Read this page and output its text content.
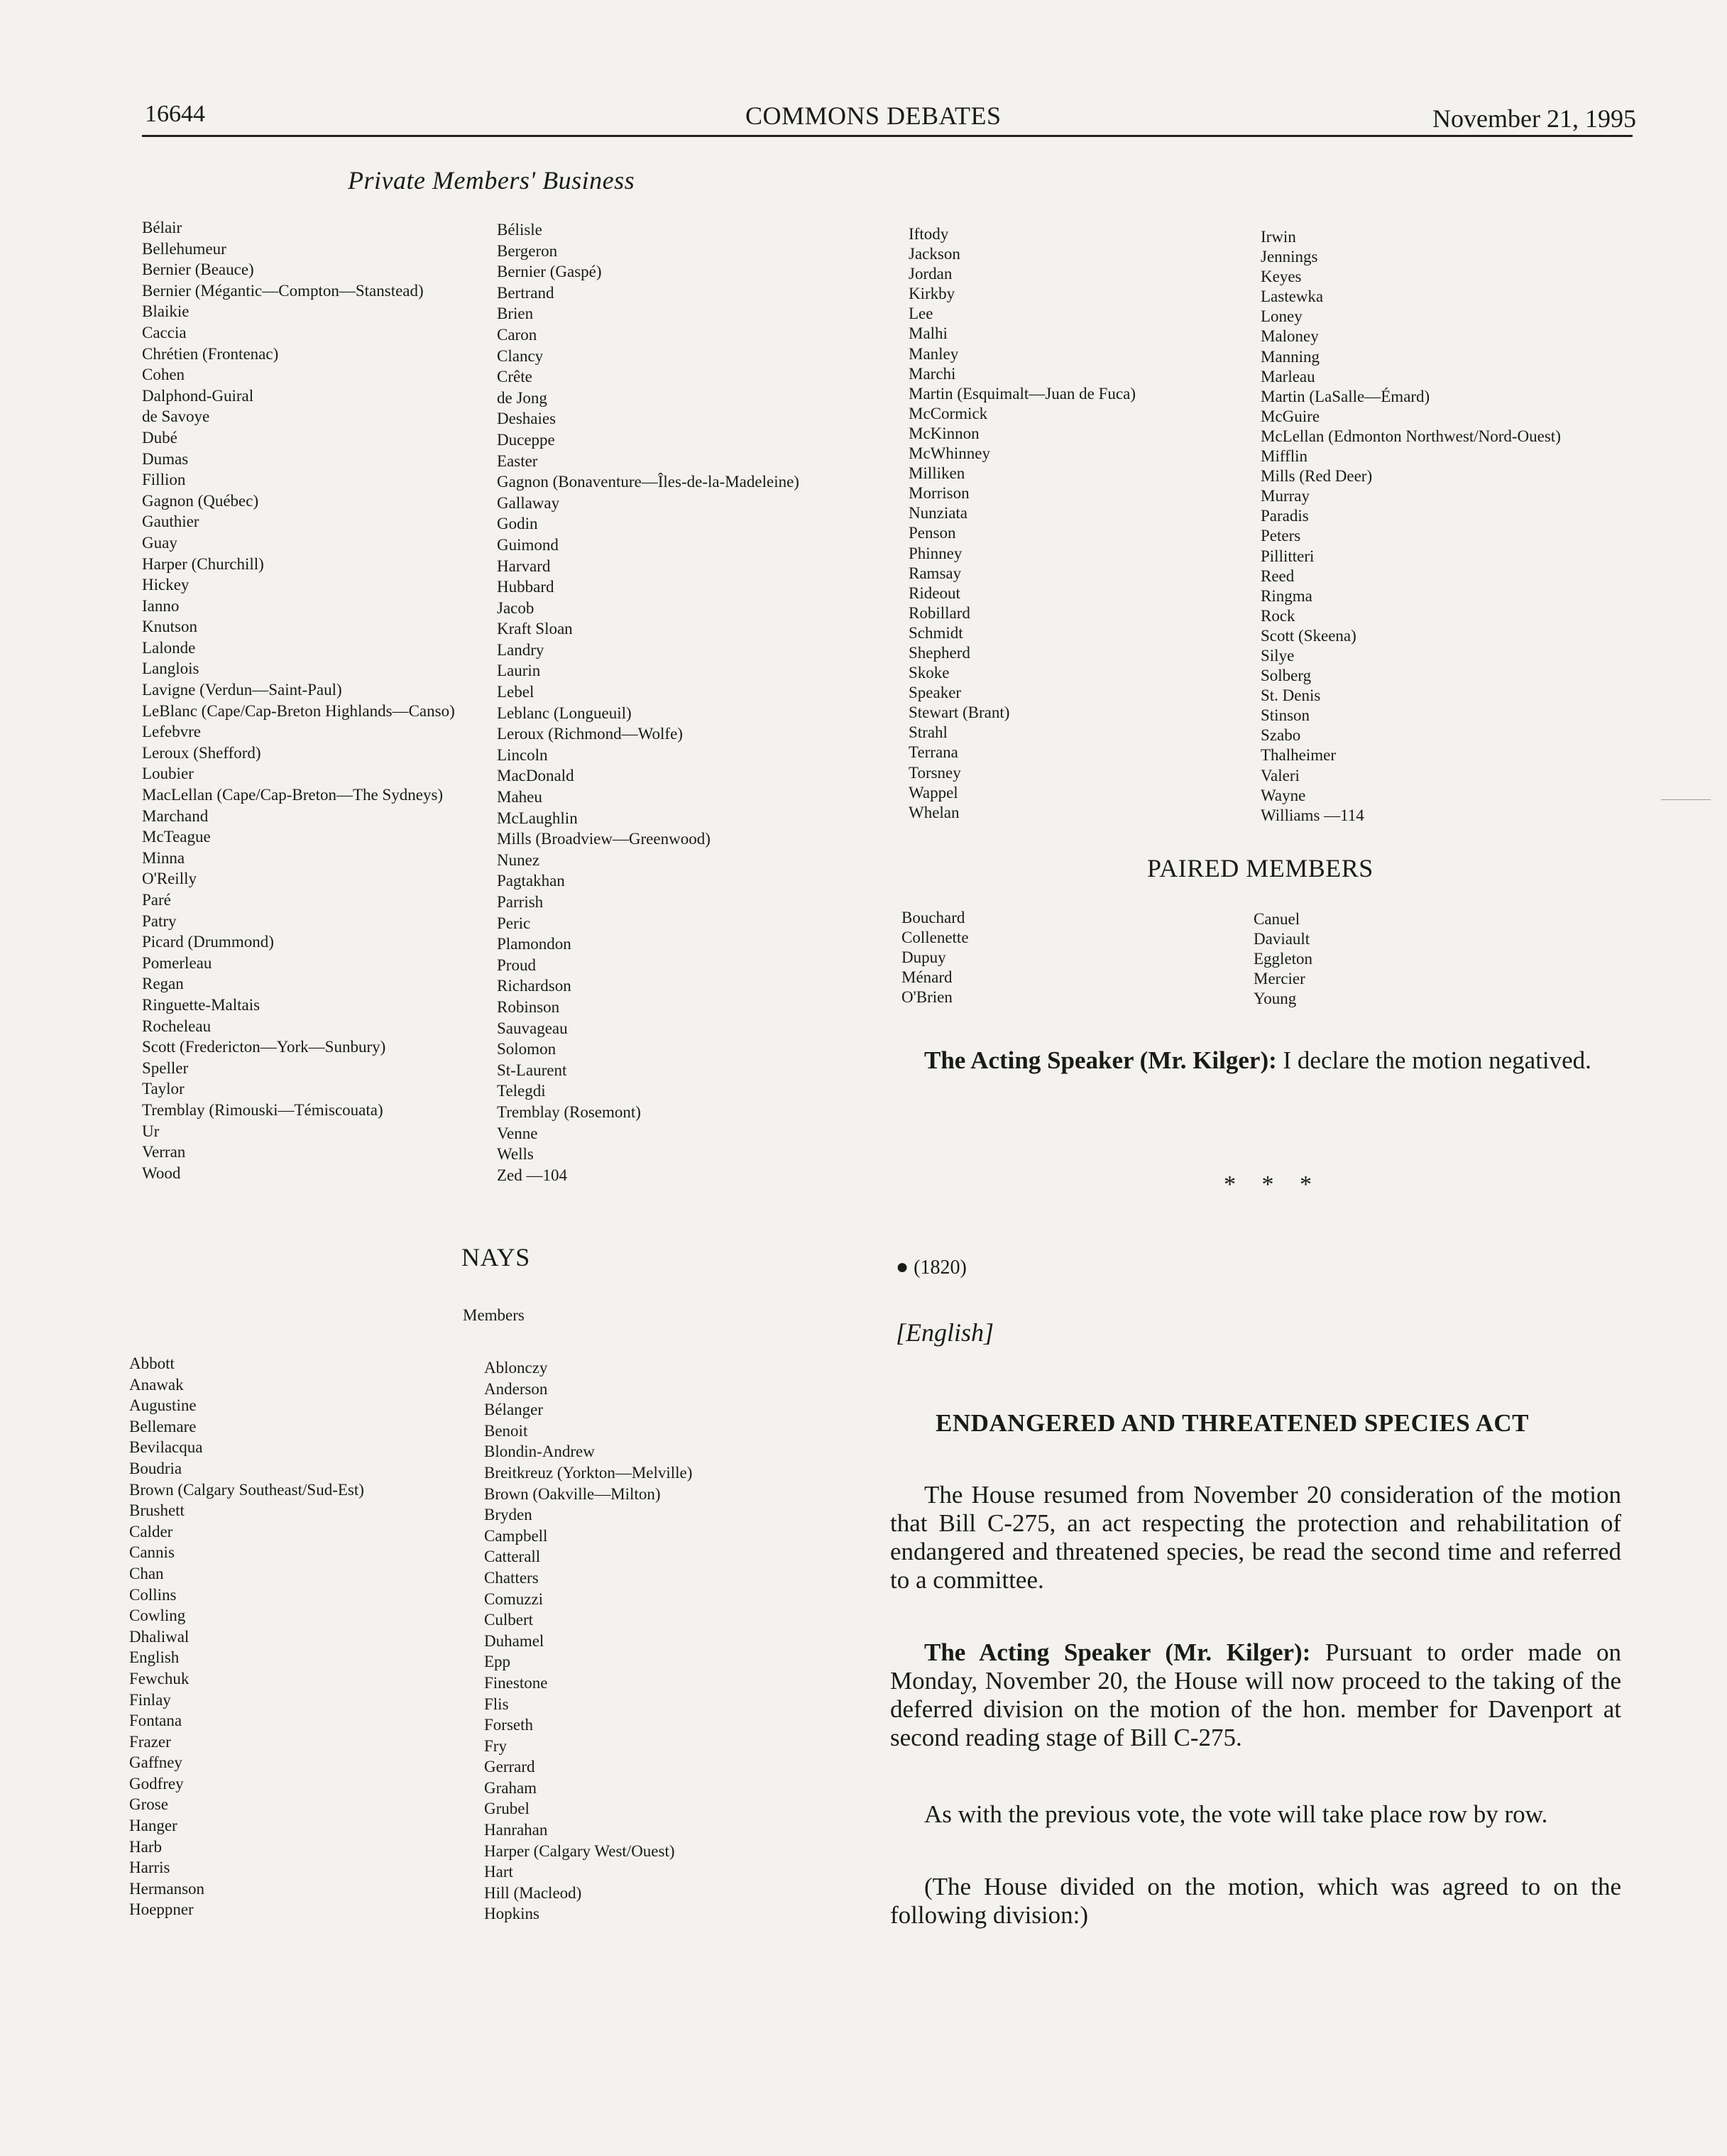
16644	COMMONS DEBATES	November 21, 1995
Private Members' Business
Bélair
Bellehumeur
Bernier (Beauce)
Bernier (Mégantic—Compton—Stanstead)
Blaikie
Caccia
Chrétien (Frontenac)
Cohen
Dalphond-Guiral
de Savoye
Dubé
Dumas
Fillion
Gagnon (Québec)
Gauthier
Guay
Harper (Churchill)
Hickey
Ianno
Knutson
Lalonde
Langlois
Lavigne (Verdun—Saint-Paul)
LeBlanc (Cape/Cap-Breton Highlands—Canso)
Lefebvre
Leroux (Shefford)
Loubier
MacLellan (Cape/Cap-Breton—The Sydneys)
Marchand
McTeague
Minna
O'Reilly
Paré
Patry
Picard (Drummond)
Pomerleau
Regan
Ringuette-Maltais
Rocheleau
Scott (Fredericton—York—Sunbury)
Speller
Taylor
Tremblay (Rimouski—Témiscouata)
Ur
Verran
Wood
Bélisle
Bergeron
Bernier (Gaspé)
Bertrand
Brien
Caron
Clancy
Crête
de Jong
Deshaies
Duceppe
Easter
Gagnon (Bonaventure—Îles-de-la-Madeleine)
Gallaway
Godin
Guimond
Harvard
Hubbard
Jacob
Kraft Sloan
Landry
Laurin
Lebel
Leblanc (Longueuil)
Leroux (Richmond—Wolfe)
Lincoln
MacDonald
Maheu
McLaughlin
Mills (Broadview—Greenwood)
Nunez
Pagtakhan
Parrish
Peric
Plamondon
Proud
Richardson
Robinson
Sauvageau
Solomon
St-Laurent
Telegdi
Tremblay (Rosemont)
Venne
Wells
Zed —104
Iftody
Jackson
Jordan
Kirkby
Lee
Malhi
Manley
Marchi
Martin (Esquimalt—Juan de Fuca)
McCormick
McKinnon
McWhinney
Milliken
Morrison
Nunziata
Penson
Phinney
Ramsay
Rideout
Robillard
Schmidt
Shepherd
Skoke
Speaker
Stewart (Brant)
Strahl
Terrana
Torsney
Wappel
Whelan
Irwin
Jennings
Keyes
Lastewka
Loney
Maloney
Manning
Marleau
Martin (LaSalle—Émard)
McGuire
McLellan (Edmonton Northwest/Nord-Ouest)
Mifflin
Mills (Red Deer)
Murray
Paradis
Peters
Pillitteri
Reed
Ringma
Rock
Scott (Skeena)
Silye
Solberg
St. Denis
Stinson
Szabo
Thalheimer
Valeri
Wayne
Williams —114
PAIRED MEMBERS
Bouchard
Collenette
Dupuy
Ménard
O'Brien
Canuel
Daviault
Eggleton
Mercier
Young

The Acting Speaker (Mr. Kilger): I declare the motion negatived.

* * *
● (1820)
[English]
NAYS
Members
Abbott
Anawak
Augustine
Bellemare
Bevilacqua
Boudria
Brown (Calgary Southeast/Sud-Est)
Brushett
Calder
Cannis
Chan
Collins
Cowling
Dhaliwal
English
Fewchuk
Finlay
Fontana
Frazer
Gaffney
Godfrey
Grose
Hanger
Harb
Harris
Hermanson
Hoeppner
Ablonczy
Anderson
Bélanger
Benoit
Blondin-Andrew
Breitkreuz (Yorkton—Melville)
Brown (Oakville—Milton)
Bryden
Campbell
Catterall
Chatters
Comuzzi
Culbert
Duhamel
Epp
Finestone
Flis
Forseth
Fry
Gerrard
Graham
Grubel
Hanrahan
Harper (Calgary West/Ouest)
Hart
Hill (Macleod)
Hopkins
ENDANGERED AND THREATENED SPECIES ACT

The House resumed from November 20 consideration of the motion that Bill C-275, an act respecting the protection and rehabilitation of endangered and threatened species, be read the second time and referred to a committee.

The Acting Speaker (Mr. Kilger): Pursuant to order made on Monday, November 20, the House will now proceed to the taking of the deferred division on the motion of the hon. member for Davenport at second reading stage of Bill C-275.

As with the previous vote, the vote will take place row by row.

(The House divided on the motion, which was agreed to on the following division:)
